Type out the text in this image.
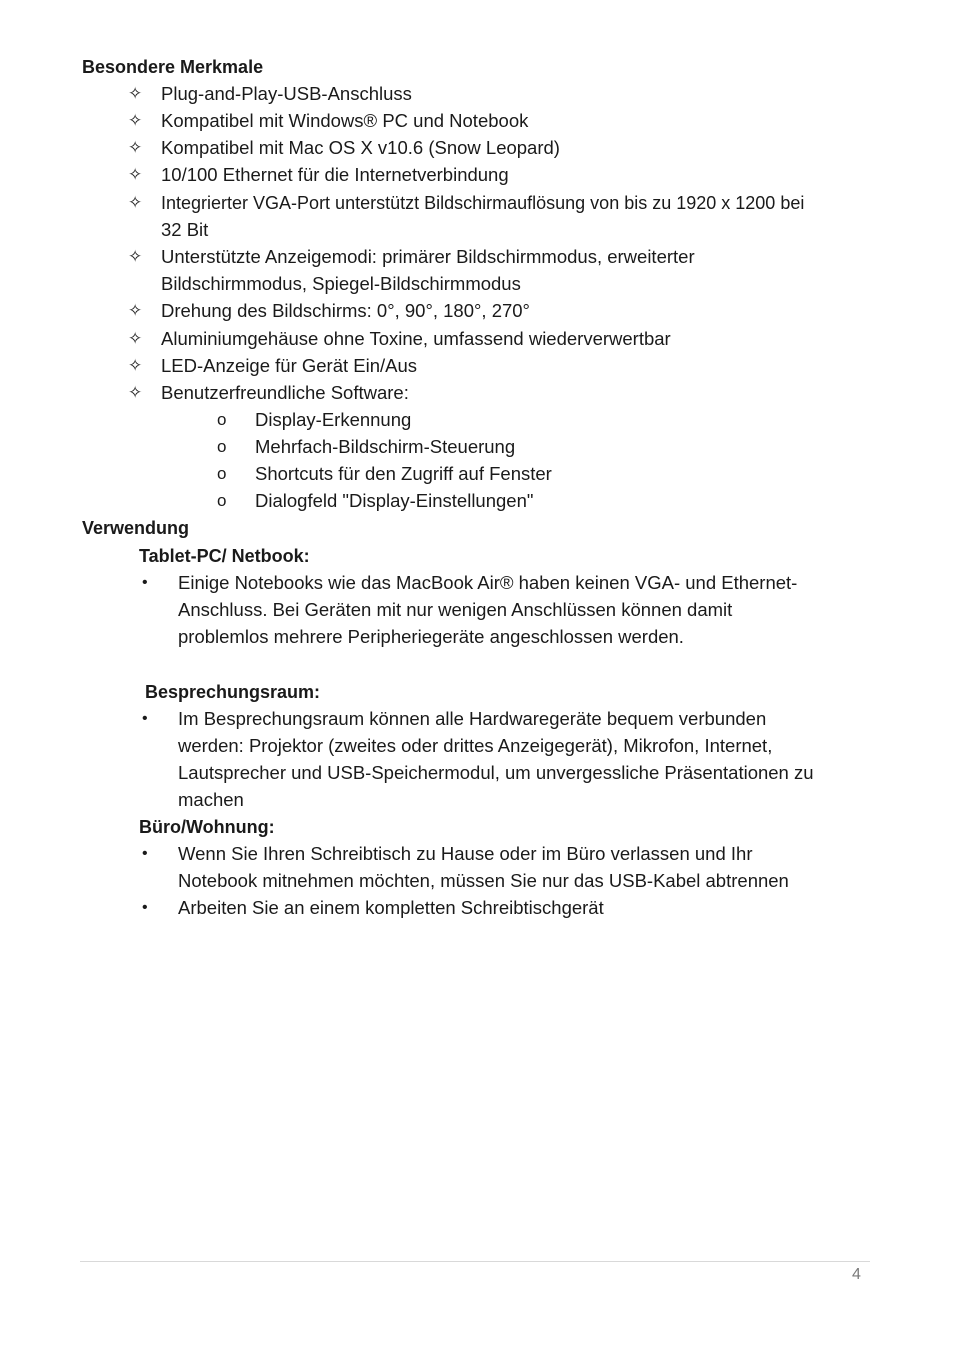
Besondere Merkmale
✧ Plug-and-Play-USB-Anschluss
✧ Kompatibel mit Windows® PC und Notebook
✧ Kompatibel mit Mac OS X v10.6 (Snow Leopard)
✧ 10/100 Ethernet für die Internetverbindung
✧ Integrierter VGA-Port unterstützt Bildschirmauflösung von bis zu 1920 x 1200 bei
32 Bit
✧ Unterstützte Anzeigemodi: primärer Bildschirmmodus, erweiterter
Bildschirmmodus, Spiegel-Bildschirmmodus
✧ Drehung des Bildschirms: 0°, 90°, 180°, 270°
✧ Aluminiumgehäuse ohne Toxine, umfassend wiederverwertbar
✧ LED-Anzeige für Gerät Ein/Aus
✧ Benutzerfreundliche Software:
o Display-Erkennung
o Mehrfach-Bildschirm-Steuerung
o Shortcuts für den Zugriff auf Fenster
o Dialogfeld "Display-Einstellungen"
Verwendung
Tablet-PC/ Netbook:
• Einige Notebooks wie das MacBook Air® haben keinen VGA- und Ethernet-
Anschluss. Bei Geräten mit nur wenigen Anschlüssen können damit
problemlos mehrere Peripheriegeräte angeschlossen werden.
Besprechungsraum:
• Im Besprechungsraum können alle Hardwaregeräte bequem verbunden
werden: Projektor (zweites oder drittes Anzeigegerät), Mikrofon, Internet,
Lautsprecher und USB-Speichermodul, um unvergessliche Präsentationen zu
machen
Büro/Wohnung:
• Wenn Sie Ihren Schreibtisch zu Hause oder im Büro verlassen und Ihr
Notebook mitnehmen möchten, müssen Sie nur das USB-Kabel abtrennen
• Arbeiten Sie an einem kompletten Schreibtischgerät
4
